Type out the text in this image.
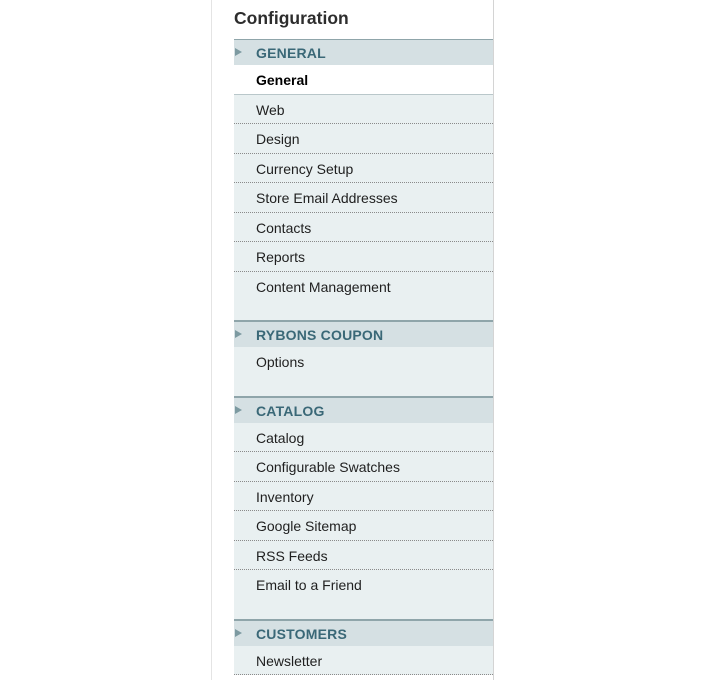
Configuration
GENERAL
General
Web
Design
Currency Setup
Store Email Addresses
Contacts
Reports
Content Management
RYBONS COUPON
Options
CATALOG
Catalog
Configurable Swatches
Inventory
Google Sitemap
RSS Feeds
Email to a Friend
CUSTOMERS
Newsletter
